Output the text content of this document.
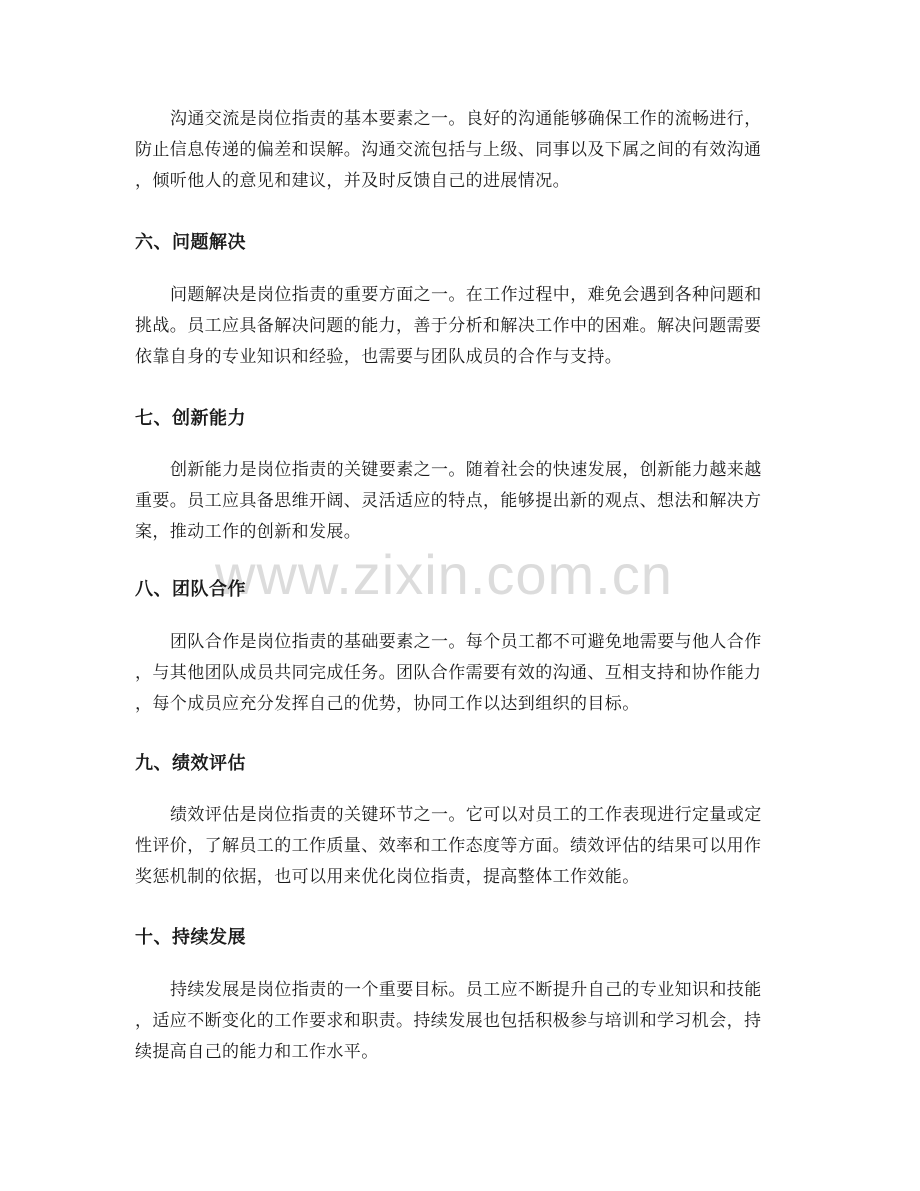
沟通交流是岗位指责的基本要素之一。良好的沟通能够确保工作的流畅进行，
防止信息传递的偏差和误解。沟通交流包括与上级、同事以及下属之间的有效沟通
，倾听他人的意见和建议，并及时反馈自己的进展情况。

六、问题解决

问题解决是岗位指责的重要方面之一。在工作过程中，难免会遇到各种问题和
挑战。员工应具备解决问题的能力，善于分析和解决工作中的困难。解决问题需要
依靠自身的专业知识和经验，也需要与团队成员的合作与支持。

七、创新能力

创新能力是岗位指责的关键要素之一。随着社会的快速发展，创新能力越来越
重要。员工应具备思维开阔、灵活适应的特点，能够提出新的观点、想法和解决方
案，推动工作的创新和发展。

www.zixin.com.cn
八、团队合作

团队合作是岗位指责的基础要素之一。每个员工都不可避免地需要与他人合作
，与其他团队成员共同完成任务。团队合作需要有效的沟通、互相支持和协作能力
，每个成员应充分发挥自己的优势，协同工作以达到组织的目标。

九、绩效评估

绩效评估是岗位指责的关键环节之一。它可以对员工的工作表现进行定量或定
性评价，了解员工的工作质量、效率和工作态度等方面。绩效评估的结果可以用作
奖惩机制的依据，也可以用来优化岗位指责，提高整体工作效能。

十、持续发展

持续发展是岗位指责的一个重要目标。员工应不断提升自己的专业知识和技能
，适应不断变化的工作要求和职责。持续发展也包括积极参与培训和学习机会，持
续提高自己的能力和工作水平。
